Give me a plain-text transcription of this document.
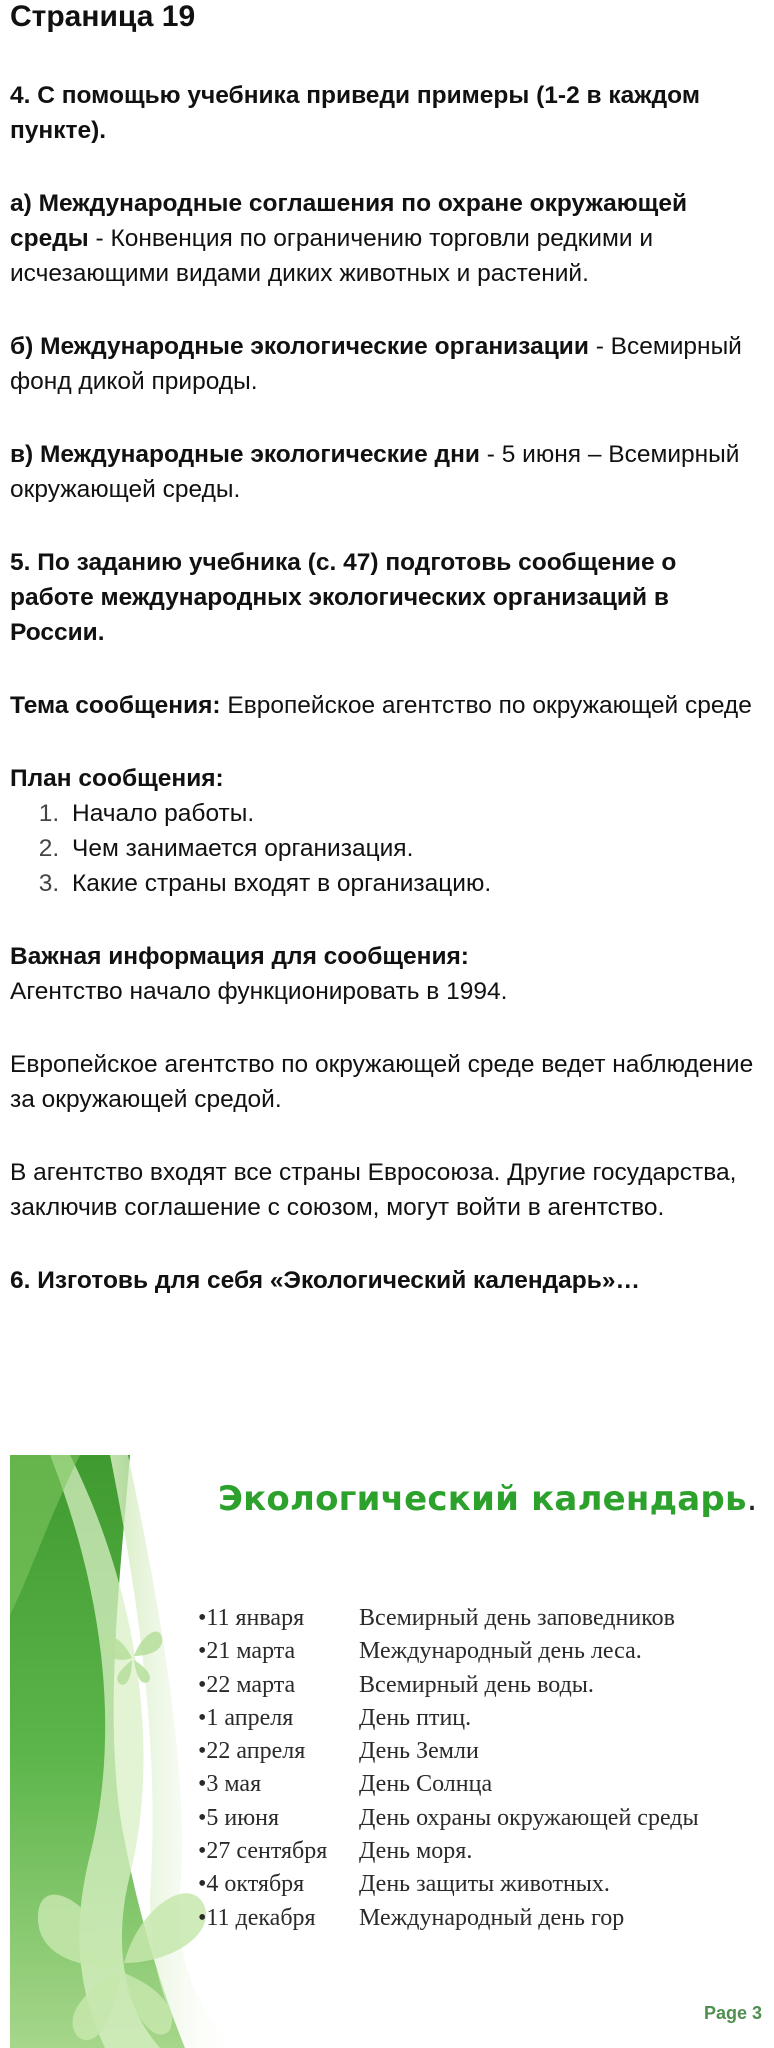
Страница 19

4. С помощью учебника приведи примеры (1-2 в каждом пункте).

а) Международные соглашения по охране окружающей среды - Конвенция по ограничению торговли редкими и исчезающими видами диких животных и растений.

б) Международные экологические организации - Всемирный фонд дикой природы.

в) Международные экологические дни - 5 июня – Всемирный окружающей среды.

5. По заданию учебника (с. 47) подготовь сообщение о работе международных экологических организаций в России.

Тема сообщения: Европейское агентство по окружающей среде

План сообщения:

1. Начало работы.
2. Чем занимается организация.
3. Какие страны входят в организацию.

Важная информация для сообщения:

Агентство начало функционировать в 1994.

Европейское агентство по окружающей среде ведет наблюдение за окружающей средой.

В агентство входят все страны Евросоюза. Другие государства, заключив соглашение с союзом, могут войти в агентство.

6. Изготовь для себя «Экологический календарь»…

Экологический календарь.
•11 января Всемирный день заповедников
•21 марта	Международный день леса.
•22 марта	Всемирный день воды.
•1 апреля	День птиц.
•22 апреля День Земли
•3 мая	День Солнца
•5 июня	День охраны окружающей среды
•27 сентября День моря.
•4 октября День защиты животных.
•11 декабря Международный день гор
Page 3
